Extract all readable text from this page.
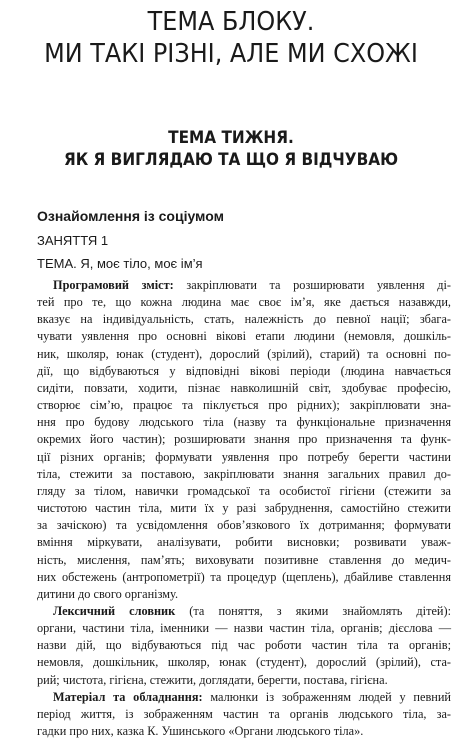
ТЕМА БЛОКУ.
МИ ТАКІ РІЗНІ, АЛЕ МИ СХОЖІ
ТЕМА ТИЖНЯ.
ЯК Я ВИГЛЯДАЮ ТА ЩО Я ВІДЧУВАЮ
Ознайомлення із соціумом
ЗАНЯТТЯ 1
ТЕМА. Я, моє тіло, моє ім’я
Програмовий зміст: закріплювати та розширювати уявлення ді-
тей про те, що кожна людина має своє ім’я, яке дається назавжди,
вказує на індивідуальність, стать, належність до певної нації; збага-
чувати уявлення про основні вікові етапи людини (немовля, дошкіль-
ник, школяр, юнак (студент), дорослий (зрілий), старий) та основні по-
дії, що відбуваються у відповідні вікові періоди (людина навчається
сидіти, повзати, ходити, пізнає навколишній світ, здобуває професію,
створює сім’ю, працює та піклується про рідних); закріплювати зна-
ння про будову людського тіла (назву та функціональне призначення
окремих його частин); розширювати знання про призначення та функ-
ції різних органів; формувати уявлення про потребу берегти частини
тіла, стежити за поставою, закріплювати знання загальних правил до-
гляду за тілом, навички громадської та особистої гігієни (стежити за
чистотою частин тіла, мити їх у разі забруднення, самостійно стежити
за зачіскою) та усвідомлення обов’язкового їх дотримання; формувати
вміння міркувати, аналізувати, робити висновки; розвивати уваж-
ність, мислення, пам’ять; виховувати позитивне ставлення до медич-
них обстежень (антропометрії) та процедур (щеплень), дбайливе ставлення
дитини до свого організму.
Лексичний словник (та поняття, з якими знайомлять дітей):
органи, частини тіла, іменники — назви частин тіла, органів; дієслова —
назви дій, що відбуваються під час роботи частин тіла та органів;
немовля, дошкільник, школяр, юнак (студент), дорослий (зрілий), ста-
рий; чистота, гігієна, стежити, доглядати, берегти, постава, гігієна.
Матеріал та обладнання: малюнки із зображенням людей у певний
період життя, із зображенням частин та органів людського тіла, за-
гадки про них, казка К. Ушинського «Органи людського тіла».
